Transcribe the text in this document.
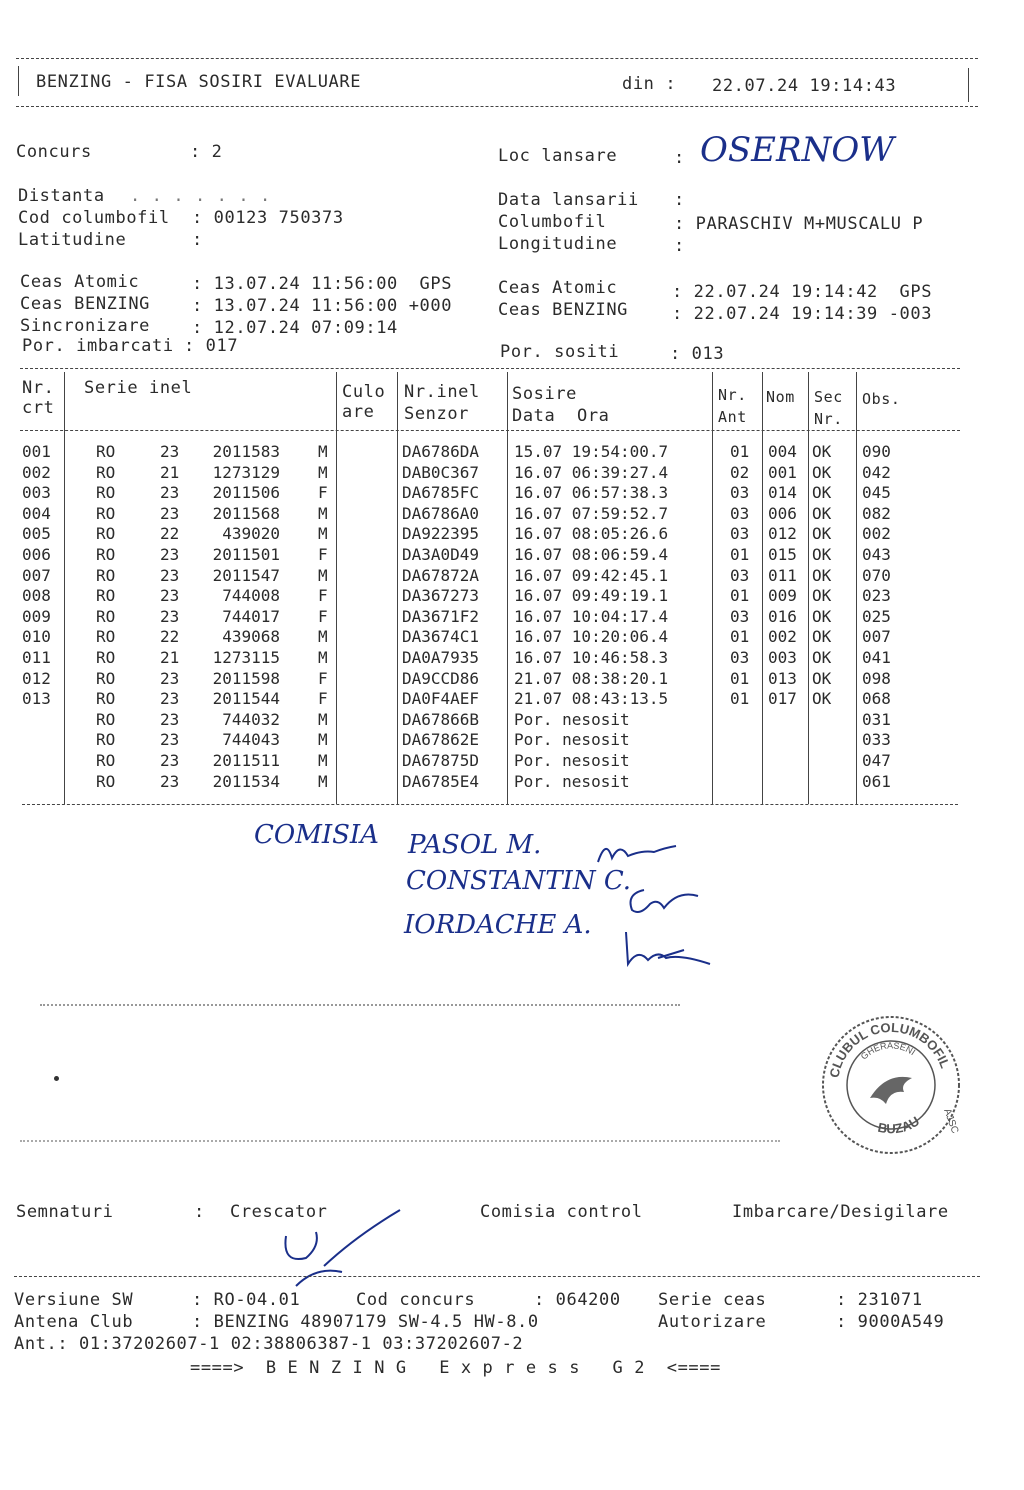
BENZING - FISA SOSIRI EVALUARE	din : 22.07.24 19:14:43
Concurs	: 2
Distanta . . . . . . .
Cod columbofil : 00123 750373
Latitudine	:
Ceas Atomic	: 13.07.24 11:56:00  GPS
Ceas BENZING : 13.07.24 11:56:00 +000
Sincronizare : 12.07.24 07:09:14
Por. imbarcati : 017
Loc lansare	: OSERNOW
Data lansarii :
Columbofil	: PARASCHIV M+MUSCALU P
Longitudine	:
Ceas Atomic	: 22.07.24 19:14:42  GPS
Ceas BENZING	: 22.07.24 19:14:39 -003
Por. sositi	: 013
Nr.
crt
Serie inel	Culo
are
Nr.inel
Senzor
Sosire
Data  Ora
Nr.
Ant
Nom Sec
Nr.
Obs.
001	RO	23	2011583 M	DA6786DA 15.07 19:54:00.7	01 004 OK 090
002	RO	21	1273129 M	DAB0C367 16.07 06:39:27.4	02 001 OK 042
003	RO	23	2011506 F	DA6785FC 16.07 06:57:38.3	03 014 OK 045
004	RO	23	2011568 M	DA6786A0 16.07 07:59:52.7	03 006 OK 082
005	RO	22	439020 M	DA922395 16.07 08:05:26.6	03 012 OK 002
006	RO	23	2011501 F	DA3A0D49 16.07 08:06:59.4	01 015 OK 043
007	RO	23	2011547 M	DA67872A 16.07 09:42:45.1	03 011 OK 070
008	RO	23	744008 F	DA367273 16.07 09:49:19.1	01 009 OK 023
009	RO	23	744017 F	DA3671F2 16.07 10:04:17.4	03 016 OK 025
010	RO	22	439068 M	DA3674C1 16.07 10:20:06.4	01 002 OK 007
011	RO	21	1273115 M	DA0A7935 16.07 10:46:58.3	03 003 OK 041
012	RO	23	2011598 F	DA9CCD86 21.07 08:38:20.1	01 013 OK 098
013	RO	23	2011544 F	DA0F4AEF 21.07 08:43:13.5	01 017 OK 068
RO	23	744032 M	DA67866B Por. nesosit	031
RO	23	744043 M	DA67862E Por. nesosit	033
RO	23	2011511 M	DA67875D Por. nesosit	047
RO	23	2011534 M	DA6785E4 Por. nesosit	061
COMISIA PASOL M.
CONSTANTIN C.
IORDACHE A.
CLUBUL COLUMBOFIL
BUZAU
GHERASENI
AJSC
Semnaturi	: Crescator	Comisia control	Imbarcare/Desigilare
Versiune SW	: RO-04.01	Cod concurs	: 064200 Serie ceas	: 231071
Antena Club	: BENZING 48907179 SW-4.5 HW-8.0	Autorizare	: 9000A549
Ant.: 01:37202607-1 02:38806387-1 03:37202607-2
====>  B E N Z I N G   E x p r e s s   G 2  <====
